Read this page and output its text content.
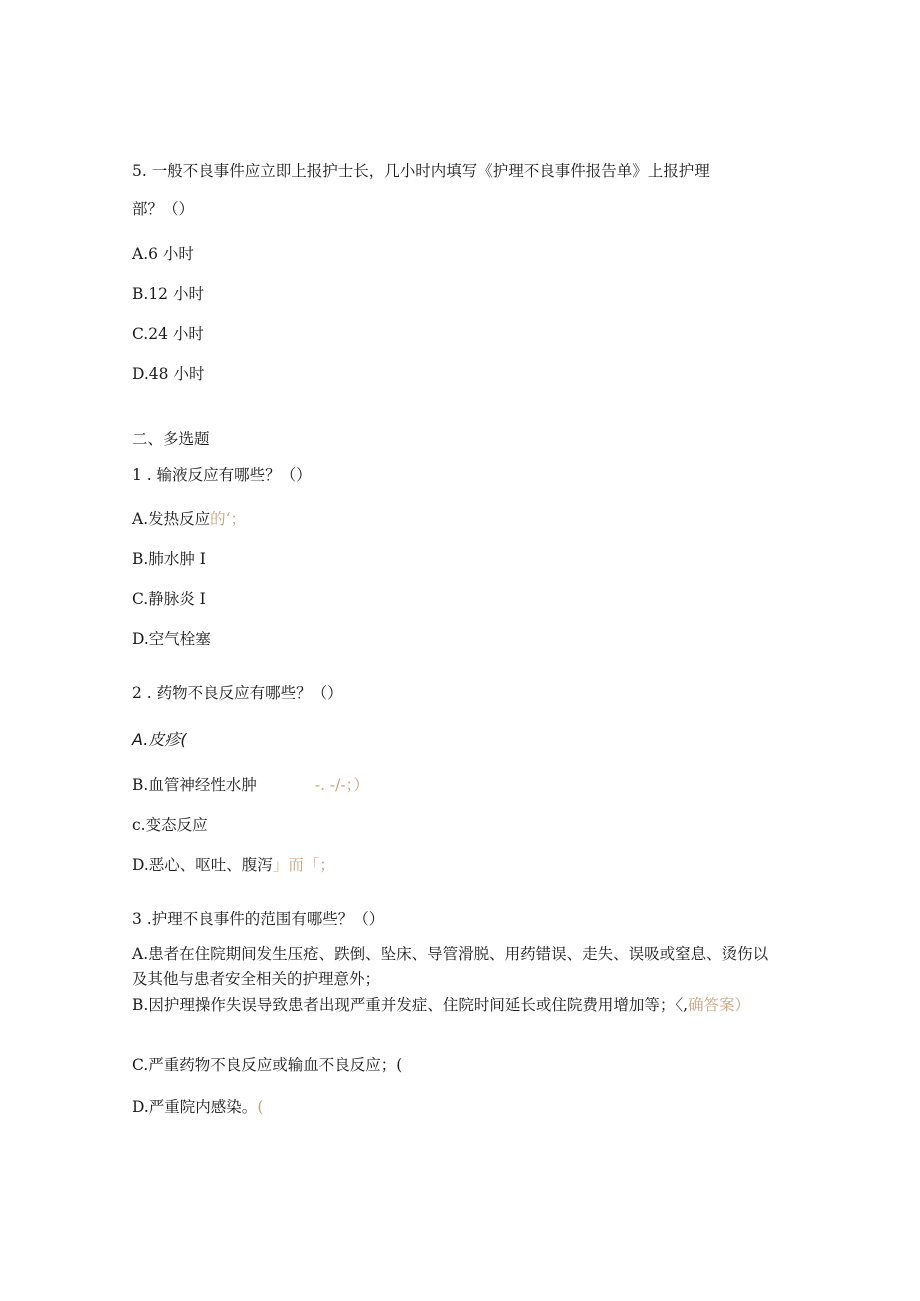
5. 一般不良事件应立即上报护士长，几小时内填写《护理不良事件报告单》上报护理
部？（）
A.6 小时
B.12 小时
C.24 小时
D.48 小时
二、多选题
1 . 输液反应有哪些？（）
A.发热反应的‘；
B.肺水肿 I
C.静脉炎 I
D.空气栓塞
2 . 药物不良反应有哪些？（）
A.皮疹(
B.血管神经性水肿	-. -/-；）
c.变态反应
D.恶心、呕吐、腹泻」而「；
3 .护理不良事件的范围有哪些？（）
A.患者在住院期间发生压疮、跌倒、坠床、导管滑脱、用药错误、走失、误吸或窒息、烫伤以及其他与患者安全相关的护理意外；
B.因护理操作失误导致患者出现严重并发症、住院时间延长或住院费用增加等；〈,确答案）
C.严重药物不良反应或输血不良反应；(
D.严重院内感染。(
